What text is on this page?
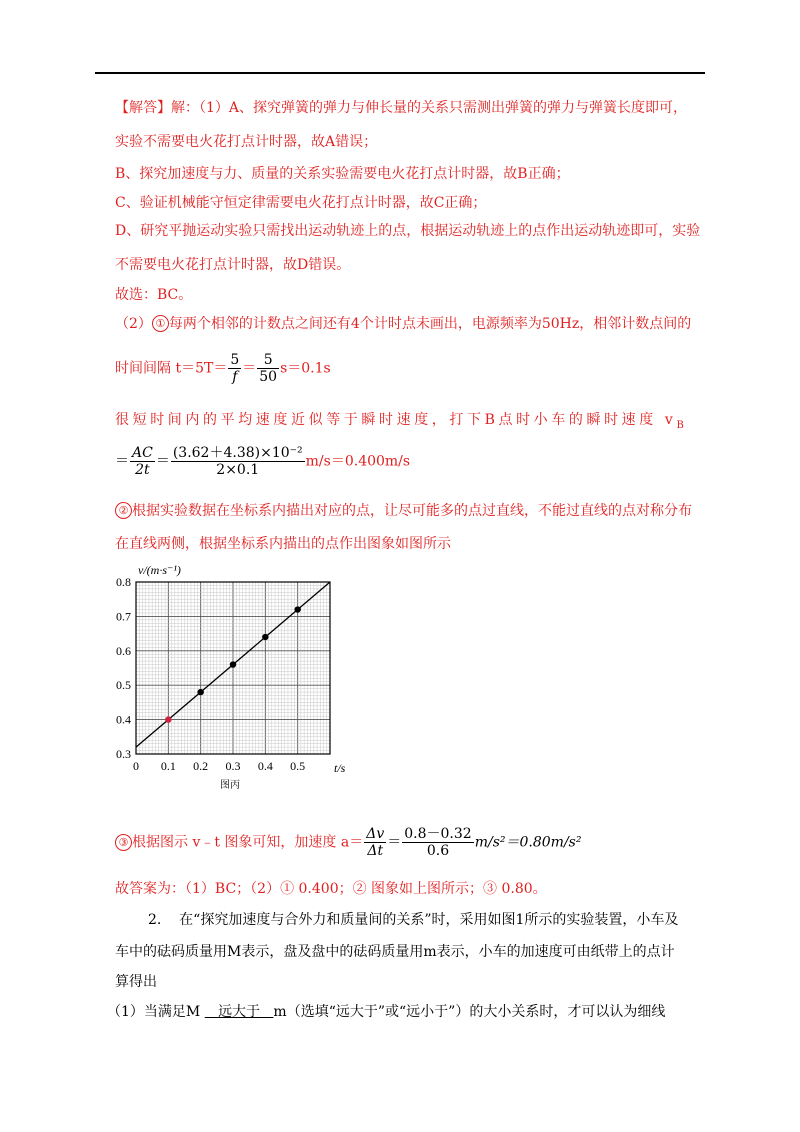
【解答】解：（1）A、探究弹簧的弹力与伸长量的关系只需测出弹簧的弹力与弹簧长度即可，
实验不需要电火花打点计时器，故A错误；
B、探究加速度与力、质量的关系实验需要电火花打点计时器，故B正确；
C、验证机械能守恒定律需要电火花打点计时器，故C正确；
D、研究平抛运动实验只需找出运动轨迹上的点，根据运动轨迹上的点作出运动轨迹即可，实验
不需要电火花打点计时器，故D错误。
故选：BC。
（2） ① 每两个相邻的计数点之间还有4个计时点未画出，电源频率为50Hz，相邻计数点间的
时间间隔 $t=5T= \frac{5}{f} = \frac{5}{50} s=0.1s$
很短时间内的平均速度近似等于瞬时速度，打下B点时小车的瞬时速度 $v_B$
＝ $\frac{AC}{2t} = \frac{\text{(3.62＋4.38)×10⁻²}}{2\times 0.1} m/s=0.400m/s$
② 根据实验数据在坐标系内描出对应的点，让尽可能多的点过直线，不能过直线的点对称分布
在直线两侧，根据坐标系内描出的点作出图象如图所示
0.3
0.4
0.5
0.6
0.7
0.8
0 0.1 0.2 0.3 0.4 0.5
v/(m·s⁻¹)
t/s
图丙
③ 根据图示 v﹣t 图象可知，加速度 $a= \frac{\Delta v}{\Delta t} = \frac{0.8-0.32}{0.6} m/s^2=0.80m/s^2$
故答案为：（1）BC；（2）① 0.400；② 图象如上图所示；③ 0.80。
2. 在“探究加速度与合外力和质量间的关系”时，采用如图1所示的实验装置，小车及
车中的砝码质量用M表示，盘及盘中的砝码质量用m表示，小车的加速度可由纸带上的点计
算得出
（1）当满足M 远大于 m（选填“远大于”或“远小于”）的大小关系时，才可以认为细线
